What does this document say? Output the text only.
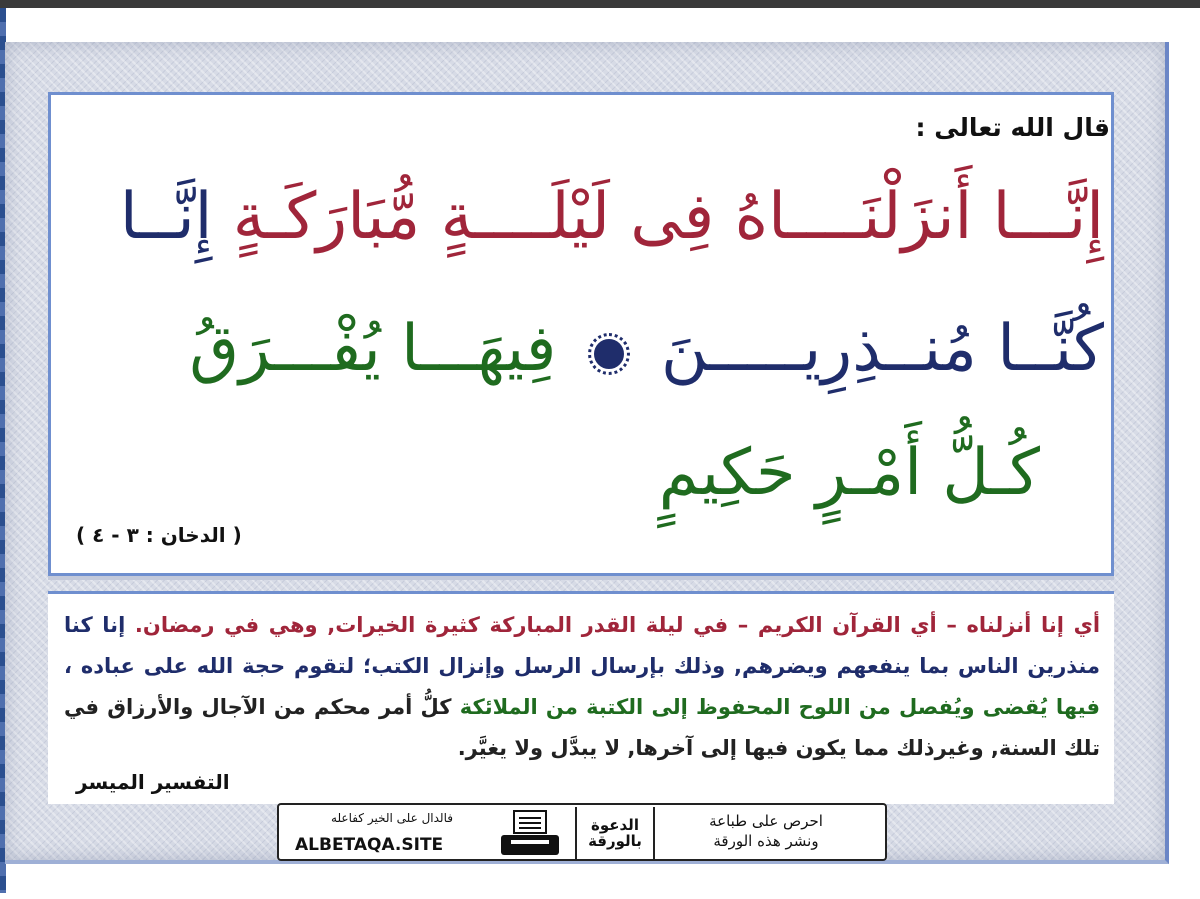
قال الله تعالى :
إِنَّـــا أَنزَلْنَــــاهُ فِى لَيْلَــــةٍ مُّبَارَكَـةٍ إِنَّــا
كُنَّــا مُنــذِرِيـــــنَ  فِيهَـــا يُفْـــرَقُ
كُـلُّ أَمْـرٍ حَكِيمٍ
( الدخان : ٣ - ٤ )
أي إنا أنزلناه – أي القرآن الكريم – في ليلة القدر المباركة كثيرة الخيرات, وهي في رمضان. إنا كنا منذرين الناس بما ينفعهم ويضرهم, وذلك بإرسال الرسل وإنزال الكتب؛ لتقوم حجة الله على عباده ، فيها يُقضى ويُفصل من اللوح المحفوظ إلى الكتبة من الملائكة كلُّ أمر محكم من الآجال والأرزاق في تلك السنة, وغيرذلك مما يكون فيها إلى آخرها, لا يبدَّل ولا يغيَّر.
التفسير الميسر
فالدال على الخير كفاعله
ALBETAQA.SITE
الدعوة بالورقة
احرص على طباعة
ونشر هذه الورقة
